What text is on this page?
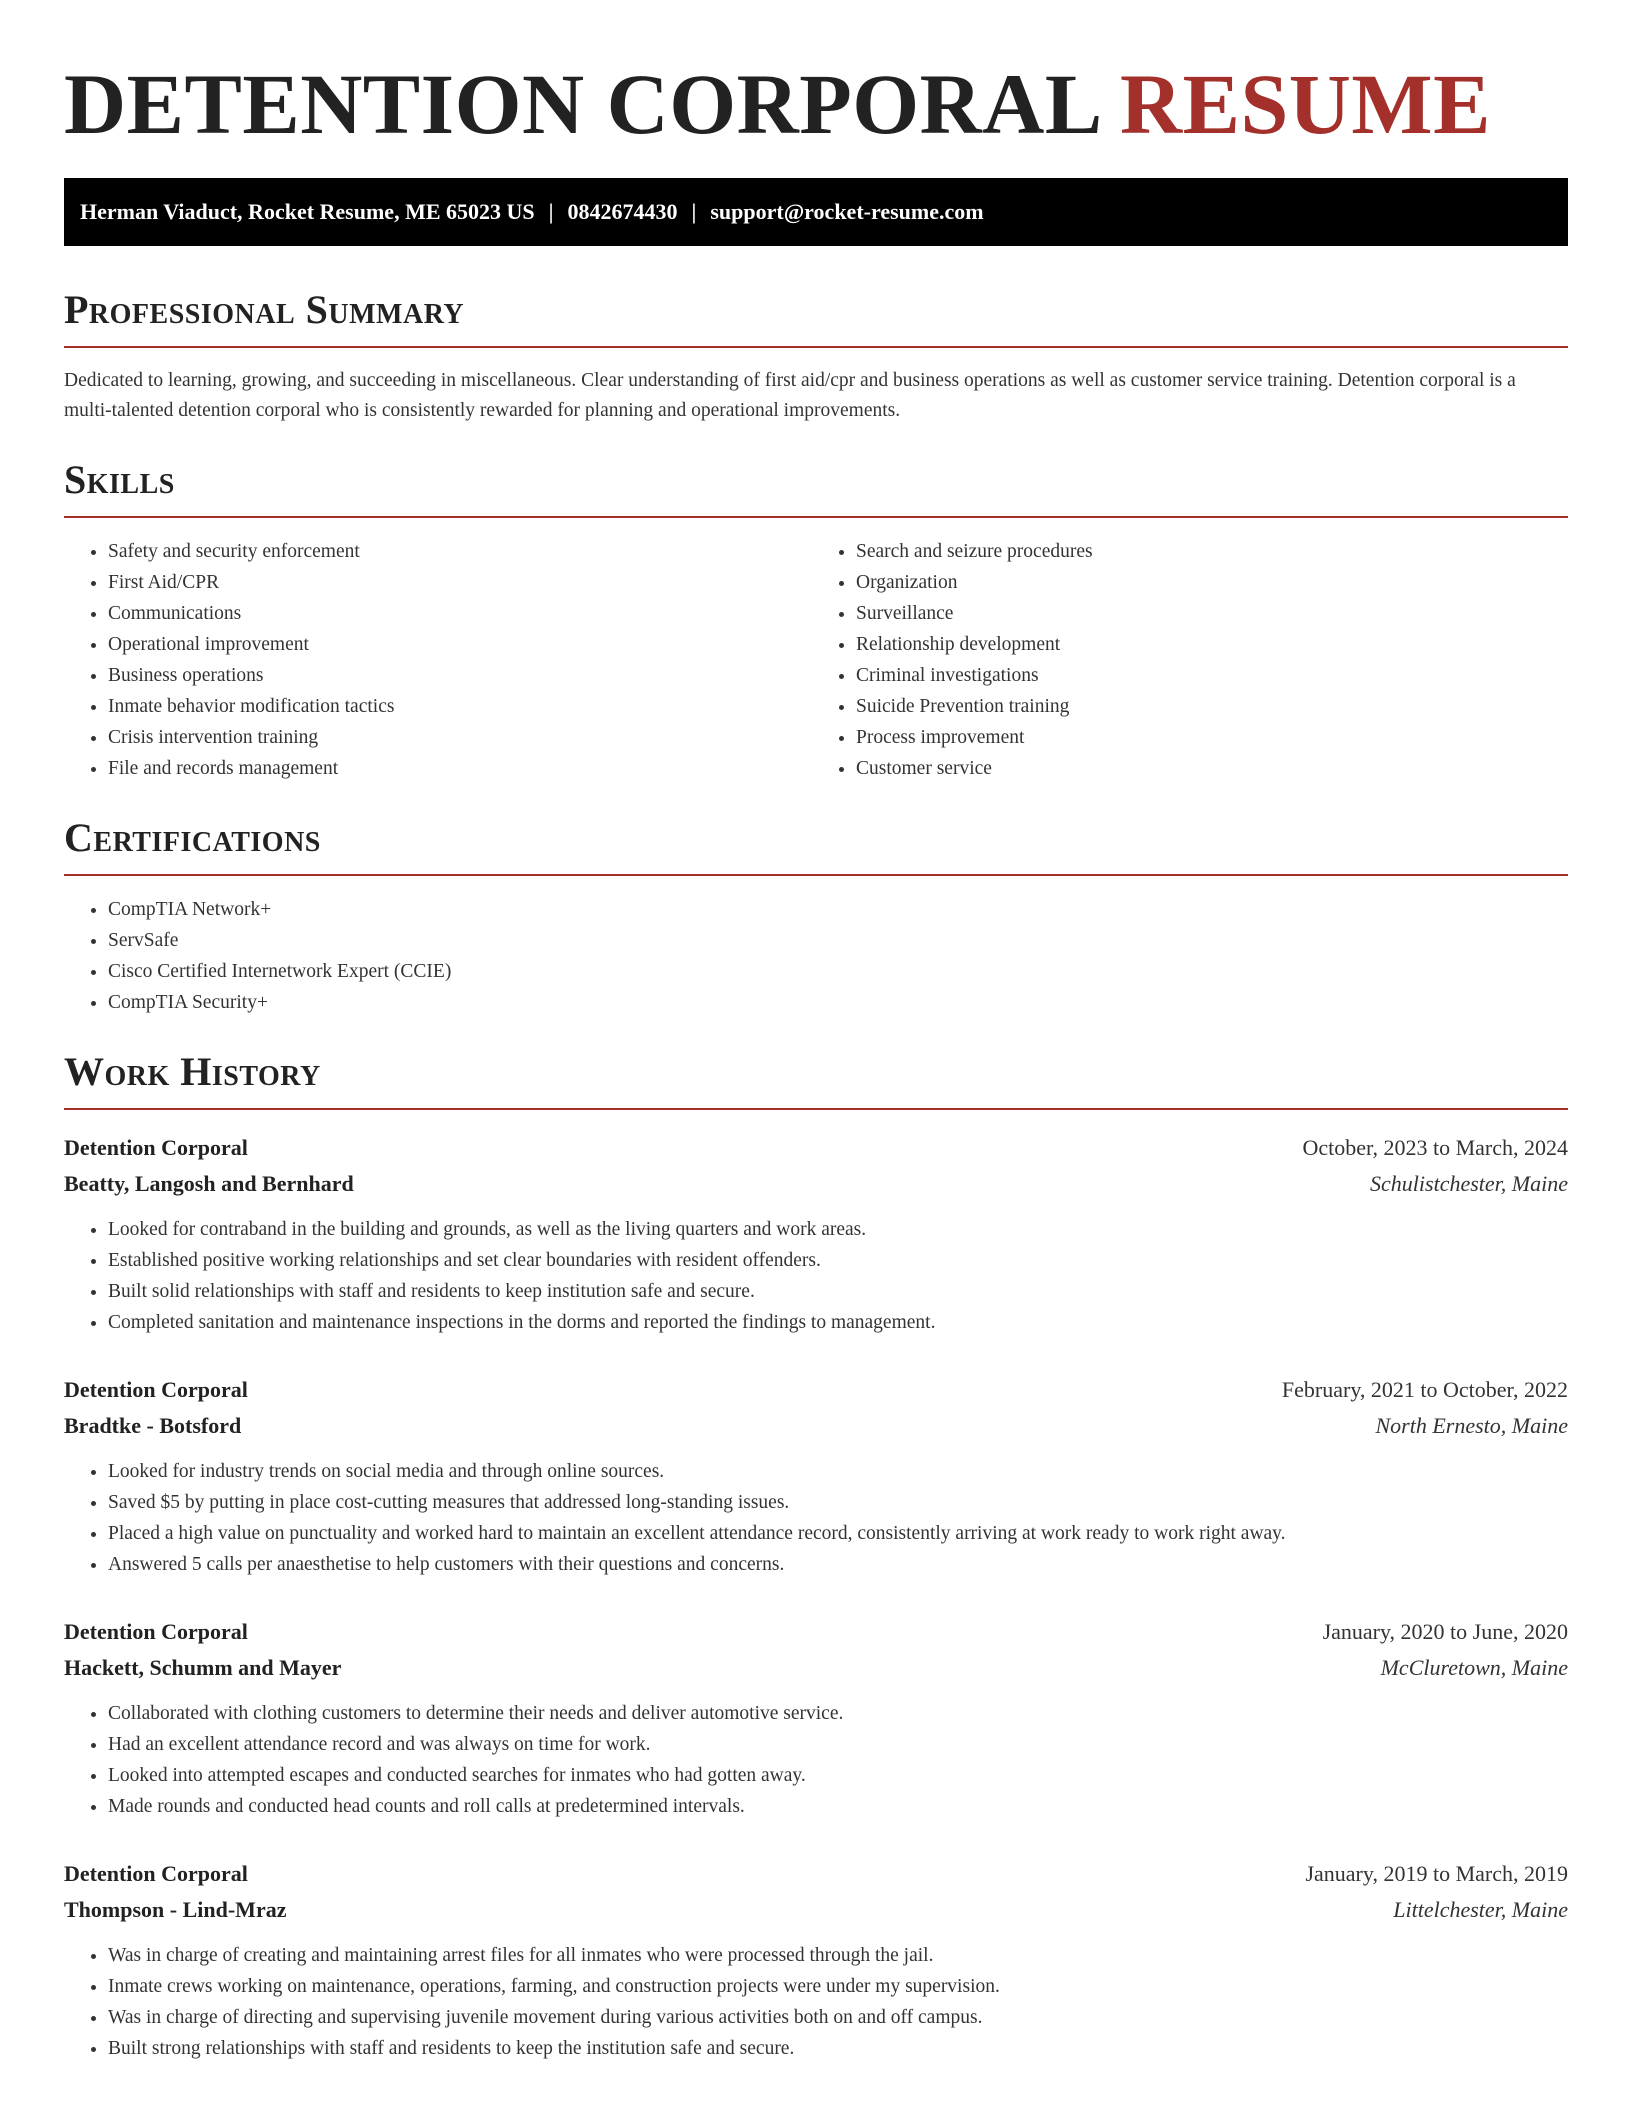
DETENTION CORPORAL RESUME
Herman Viaduct, Rocket Resume, ME 65023 US | 0842674430 | support@rocket-resume.com
Professional Summary

Dedicated to learning, growing, and succeeding in miscellaneous. Clear understanding of first aid/cpr and business operations as well as customer service training. Detention corporal is a multi-talented detention corporal who is consistently rewarded for planning and operational improvements.

Skills
• Safety and security enforcement
• First Aid/CPR
• Communications
• Operational improvement
• Business operations
• Inmate behavior modification tactics
• Crisis intervention training
• File and records management
• Search and seizure procedures
• Organization
• Surveillance
• Relationship development
• Criminal investigations
• Suicide Prevention training
• Process improvement
• Customer service
Certifications
• CompTIA Network+
• ServSafe
• Cisco Certified Internetwork Expert (CCIE)
• CompTIA Security+
Work History
Detention Corporal	October, 2023 to March, 2024
Beatty, Langosh and Bernhard	Schulistchester, Maine
• Looked for contraband in the building and grounds, as well as the living quarters and work areas.
• Established positive working relationships and set clear boundaries with resident offenders.
• Built solid relationships with staff and residents to keep institution safe and secure.
• Completed sanitation and maintenance inspections in the dorms and reported the findings to management.
Detention Corporal	February, 2021 to October, 2022
Bradtke - Botsford	North Ernesto, Maine
• Looked for industry trends on social media and through online sources.
• Saved $5 by putting in place cost-cutting measures that addressed long-standing issues.
• Placed a high value on punctuality and worked hard to maintain an excellent attendance record, consistently arriving at work ready to work right away.
• Answered 5 calls per anaesthetise to help customers with their questions and concerns.
Detention Corporal	January, 2020 to June, 2020
Hackett, Schumm and Mayer	McCluretown, Maine
• Collaborated with clothing customers to determine their needs and deliver automotive service.
• Had an excellent attendance record and was always on time for work.
• Looked into attempted escapes and conducted searches for inmates who had gotten away.
• Made rounds and conducted head counts and roll calls at predetermined intervals.
Detention Corporal	January, 2019 to March, 2019
Thompson - Lind-Mraz	Littelchester, Maine
• Was in charge of creating and maintaining arrest files for all inmates who were processed through the jail.
• Inmate crews working on maintenance, operations, farming, and construction projects were under my supervision.
• Was in charge of directing and supervising juvenile movement during various activities both on and off campus.
• Built strong relationships with staff and residents to keep the institution safe and secure.
